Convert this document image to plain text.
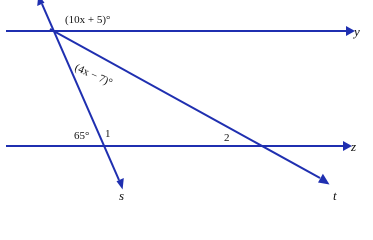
y
z
s	t
(10x + 5)°
(4x − 7)°
65° 1	2
